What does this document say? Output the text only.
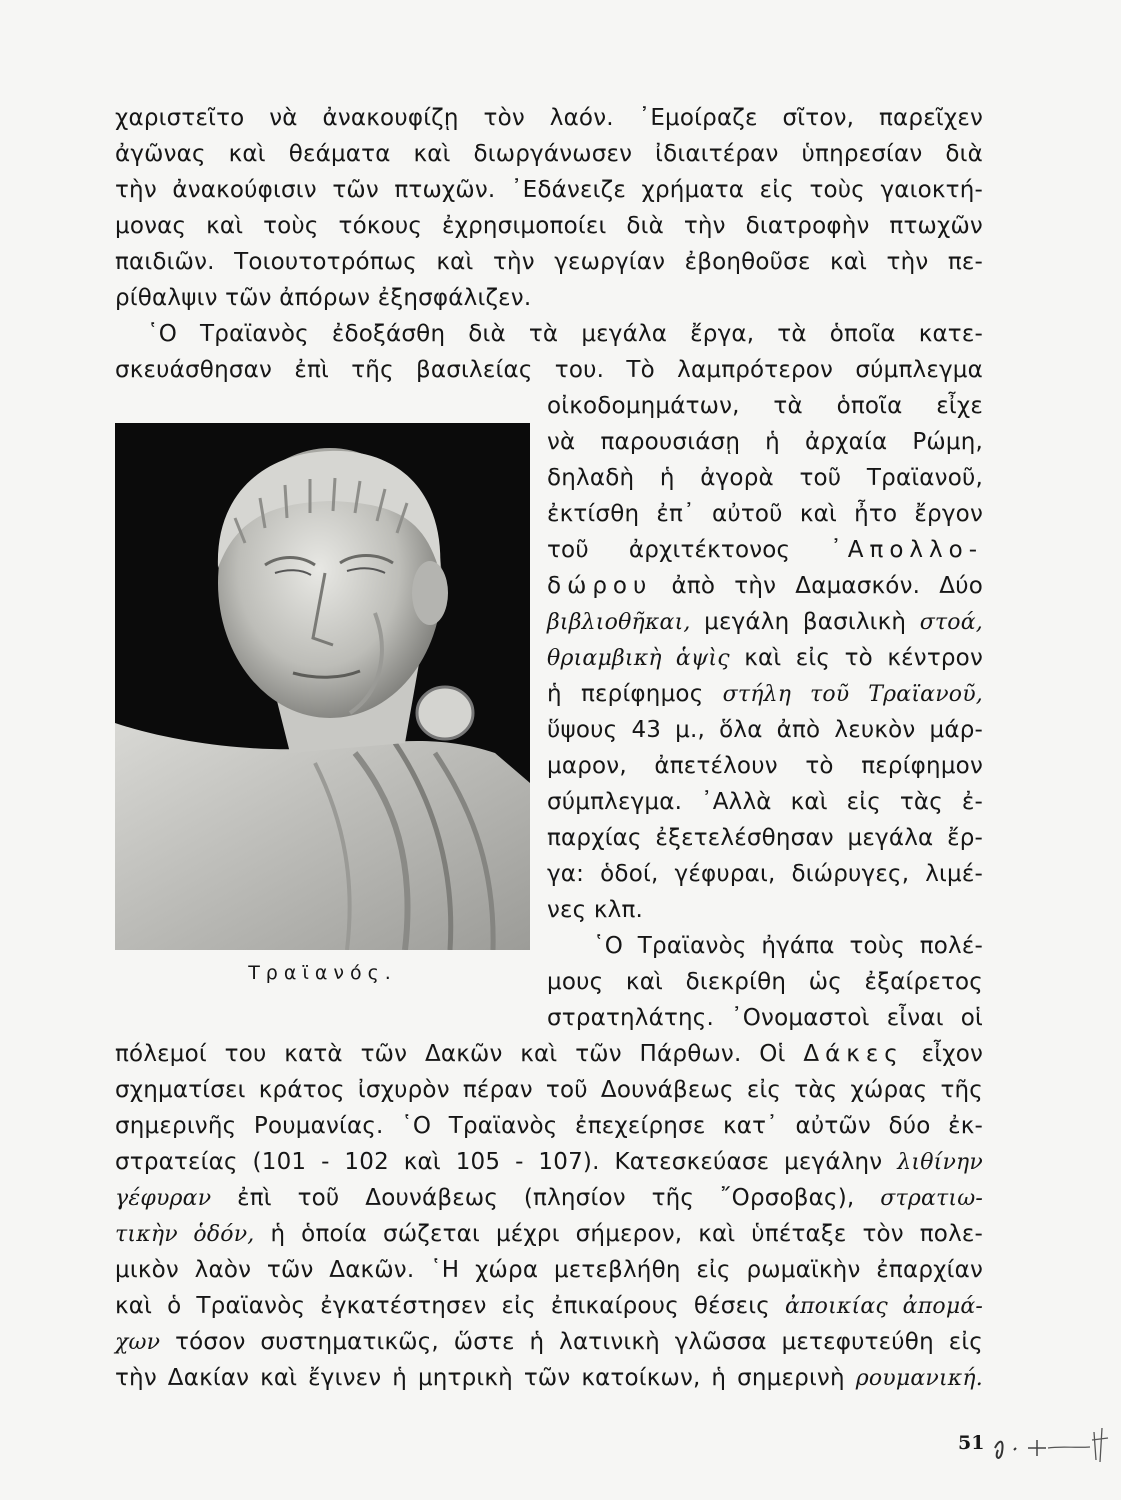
χαριστεῖτο νὰ ἀνακουφίζῃ τὸν λαόν. ᾿Εμοίραζε σῖτον, παρεῖχεν
ἀγῶνας καὶ θεάματα καὶ διωργάνωσεν ἰδιαιτέραν ὑπηρεσίαν διὰ
τὴν ἀνακούφισιν τῶν πτωχῶν. ᾿Εδάνειζε χρήματα εἰς τοὺς γαιοκτή-
μονας καὶ τοὺς τόκους ἐχρησιμοποίει διὰ τὴν διατροφὴν πτωχῶν
παιδιῶν. Τοιουτοτρόπως καὶ τὴν γεωργίαν ἐβοηθοῦσε καὶ τὴν πε-
ρίθαλψιν τῶν ἀπόρων ἐξησφάλιζεν.
῾Ο Τραϊανὸς ἐδοξάσθη διὰ τὰ μεγάλα ἔργα, τὰ ὁποῖα κατε-
σκευάσθησαν ἐπὶ τῆς βασιλείας του. Τὸ λαμπρότερον σύμπλεγμα
Τραϊανός.
οἰκοδομημάτων, τὰ ὁποῖα εἶχε
νὰ παρουσιάσῃ ἡ ἀρχαία Ρώμη,
δηλαδὴ ἡ ἀγορὰ τοῦ Τραϊανοῦ,
ἐκτίσθη ἐπ᾿ αὐτοῦ καὶ ἦτο ἔργον
τοῦ ἀρχιτέκτονος ᾿Απολλο-
δώρου ἀπὸ τὴν Δαμασκόν. Δύο
βιβλιοθῆκαι, μεγάλη βασιλικὴ στοά,
θριαμβικὴ ἁψὶς καὶ εἰς τὸ κέντρον
ἡ περίφημος στήλη τοῦ Τραϊανοῦ,
ὕψους 43 μ., ὅλα ἀπὸ λευκὸν μάρ-
μαρον, ἀπετέλουν τὸ περίφημον
σύμπλεγμα. ᾿Αλλὰ καὶ εἰς τὰς ἐ-
παρχίας ἐξετελέσθησαν μεγάλα ἔρ-
γα: ὁδοί, γέφυραι, διώρυγες, λιμέ-
νες κλπ.
῾Ο Τραϊανὸς ἠγάπα τοὺς πολέ-
μους καὶ διεκρίθη ὡς ἐξαίρετος
στρατηλάτης. ᾿Ονομαστοὶ εἶναι οἱ
πόλεμοί του κατὰ τῶν Δακῶν καὶ τῶν Πάρθων. Οἱ Δάκες εἶχον
σχηματίσει κράτος ἰσχυρὸν πέραν τοῦ Δουνάβεως εἰς τὰς χώρας τῆς
σημερινῆς Ρουμανίας. ῾Ο Τραϊανὸς ἐπεχείρησε κατ᾿ αὐτῶν δύο ἐκ-
στρατείας (101 - 102 καὶ 105 - 107). Κατεσκεύασε μεγάλην λιθίνην
γέφυραν ἐπὶ τοῦ Δουνάβεως (πλησίον τῆς ῎Ορσοβας), στρατιω-
τικὴν ὁδόν, ἡ ὁποία σώζεται μέχρι σήμερον, καὶ ὑπέταξε τὸν πολε-
μικὸν λαὸν τῶν Δακῶν. ῾Η χώρα μετεβλήθη εἰς ρωμαϊκὴν ἐπαρχίαν
καὶ ὁ Τραϊανὸς ἐγκατέστησεν εἰς ἐπικαίρους θέσεις ἀποικίας ἀπομά-
χων τόσον συστηματικῶς, ὥστε ἡ λατινικὴ γλῶσσα μετεφυτεύθη εἰς
τὴν Δακίαν καὶ ἔγινεν ἡ μητρικὴ τῶν κατοίκων, ἡ σημερινὴ ρουμανική.
51
